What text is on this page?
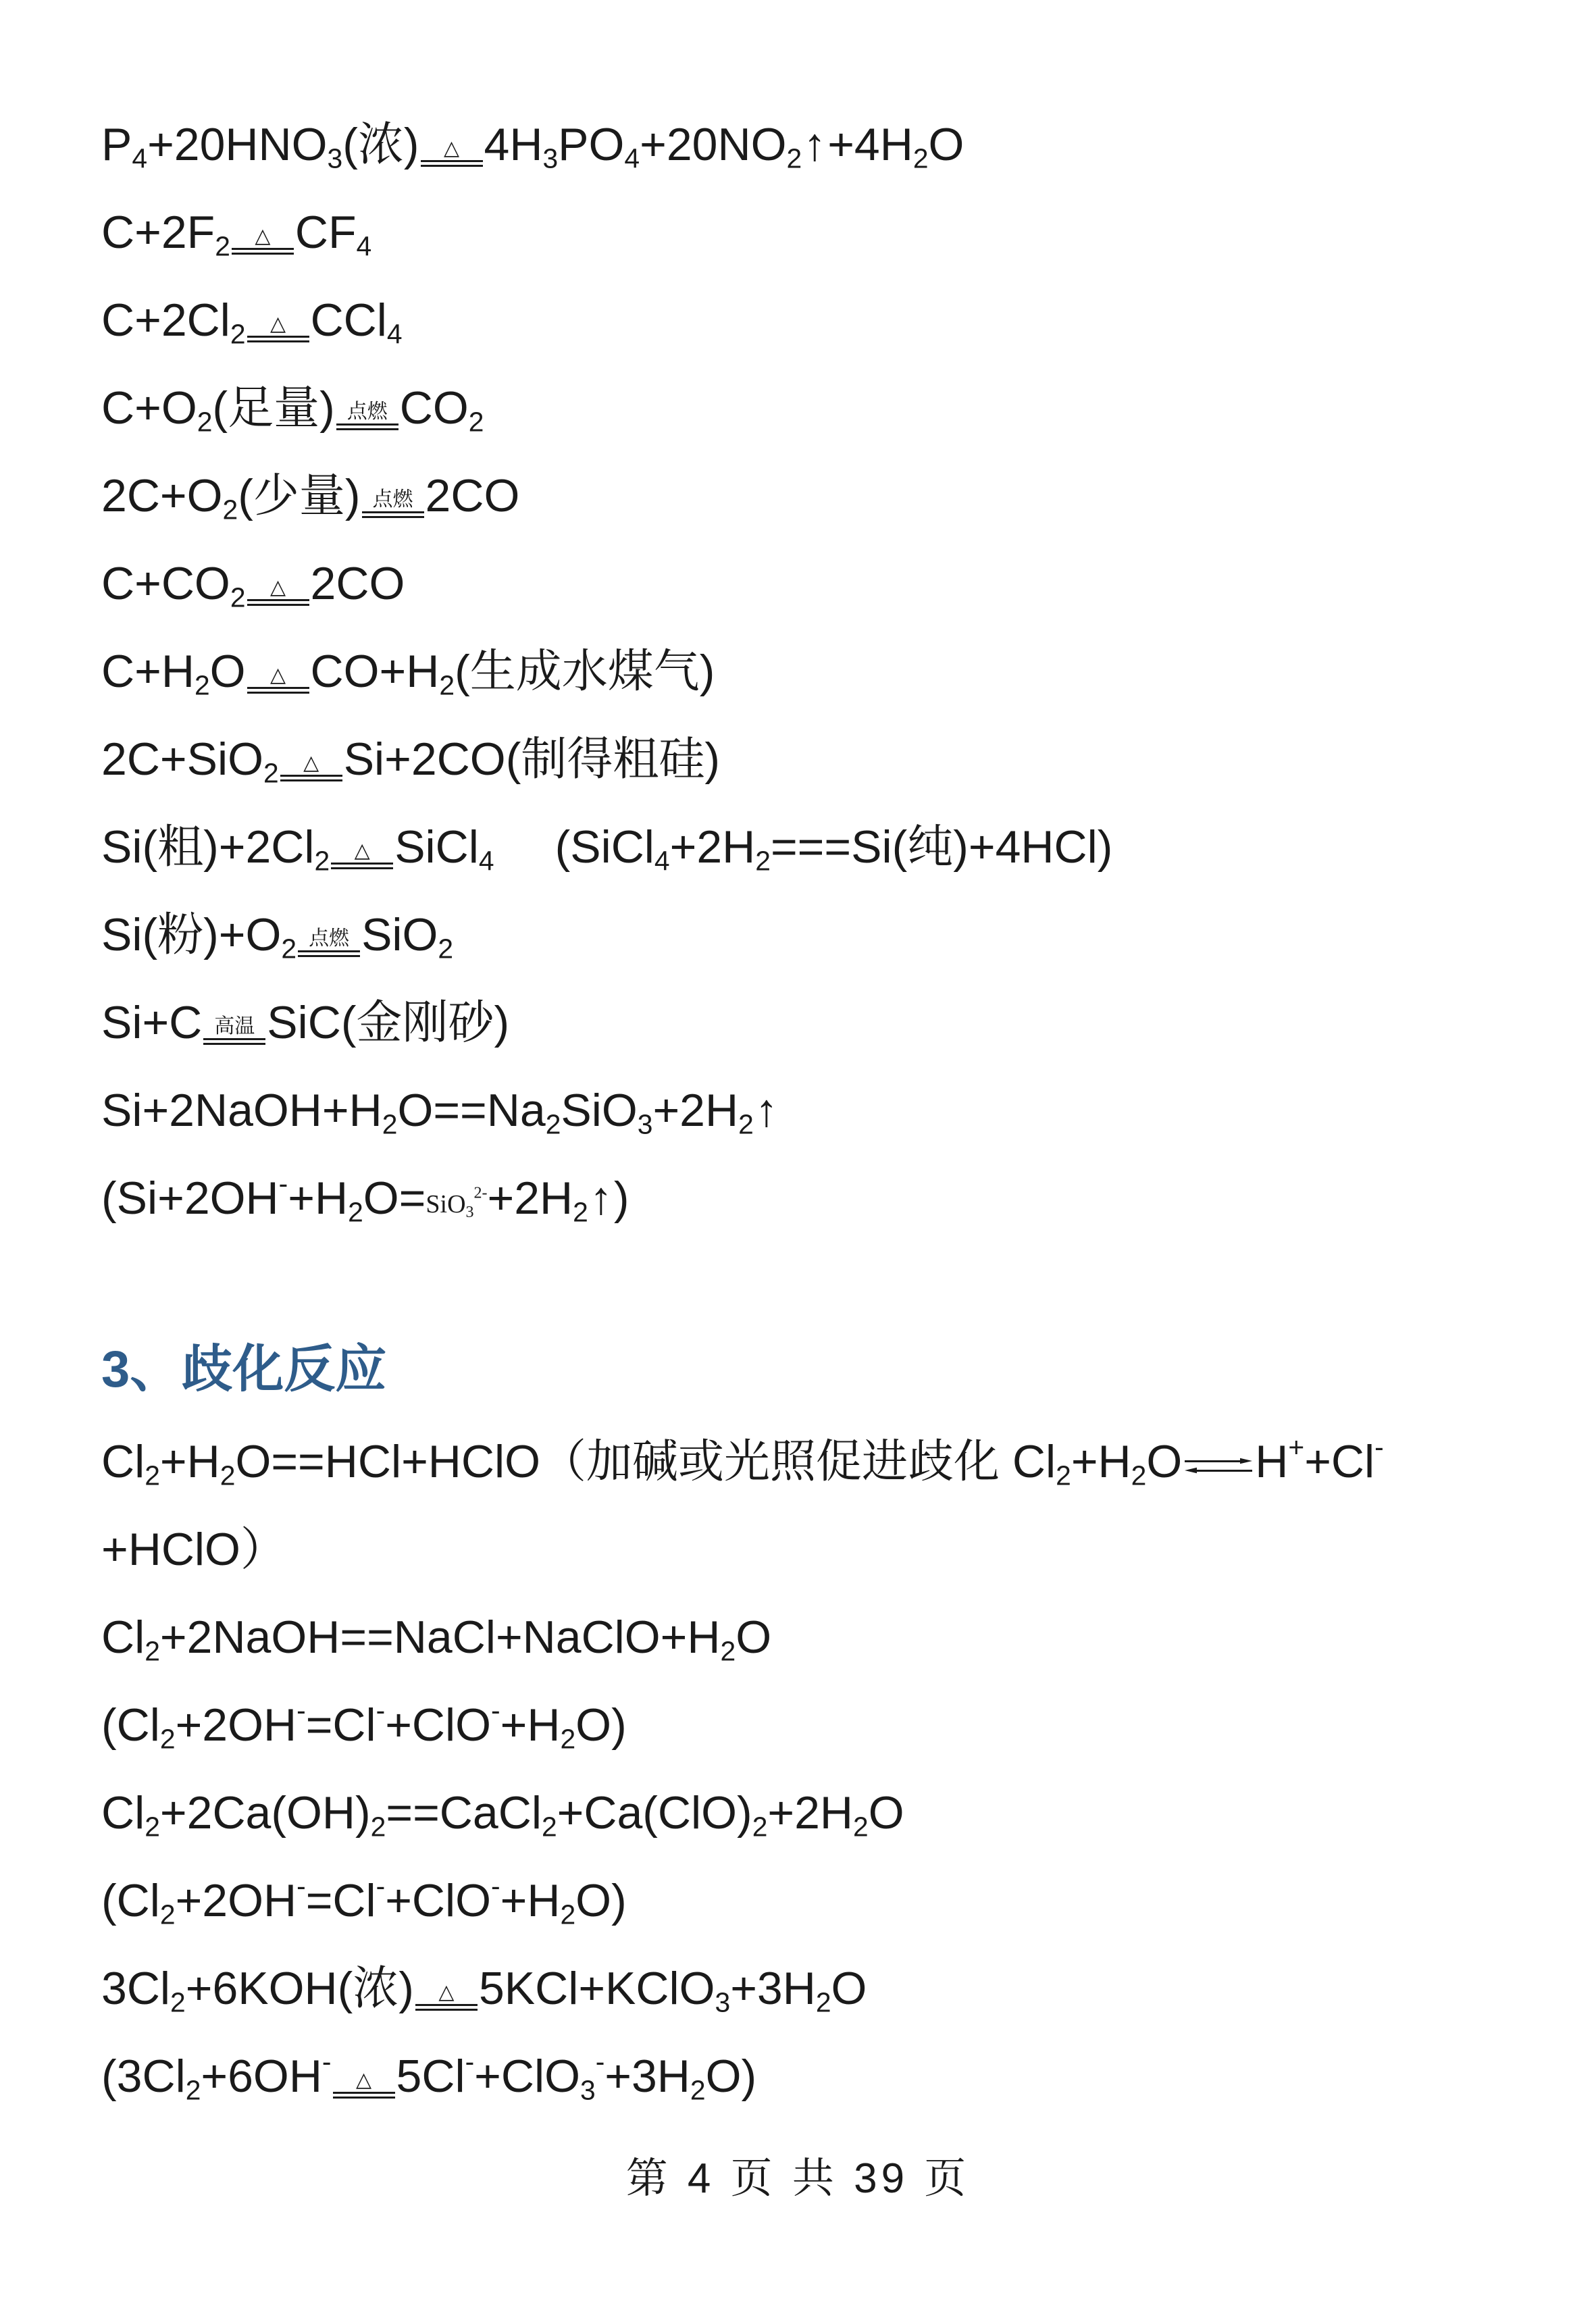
$P_4+20HNO_3$(浓) △ $4H_3PO_4+20NO_2↑+4H_2O$
$C+2F_2$ △ $CF_4$
$C+2Cl_2$ △ CCl$_4$
$C+O_2$(足量) 点燃 $CO_2$
$2C+O_2$(少量) 点燃 2CO
$C+CO_2$ △ 2CO
$C+H_2O$ △ $CO+H_2$(生成水煤气)
2C+SiO$_2$ △ Si+2CO(制得粗硅)
Si(粗)$+2Cl_2$ △ SiCl$_4$ ($SiCl_4+2H_2===Si$(纯)+4HCl)
Si(粉)$+O_2$ 点燃 SiO$_2$
Si+C 高温 SiC(金刚砂)
$Si+2NaOH+H_2O==Na_2SiO_3+2H_2↑$
$(Si+2OH^-+H_2O=SiO_3^{2-}+2H_2↑)$
3、歧化反应
$Cl_2+H_2O==HCl+HClO$（加碱或光照促进歧化 $Cl_2+H_2O$ H++Cl-
+HClO）
$Cl_2+2NaOH==NaCl+NaClO+H_2O$
$(Cl_2+2OH^-=Cl^-+ClO^-+H_2O)$
$Cl_2+2Ca(OH)_2==CaCl_2+Ca(ClO)_2+2H_2O$
$(Cl_2+2OH^-=Cl^-+ClO^-+H_2O)$
$3Cl_2+6KOH$(浓) △ $5KCl+KClO_3+3H_2O$
($3Cl_2+6OH^-$
△ $5Cl^-+ClO_3^-+3H_2O$)
第 4 页 共 39 页
